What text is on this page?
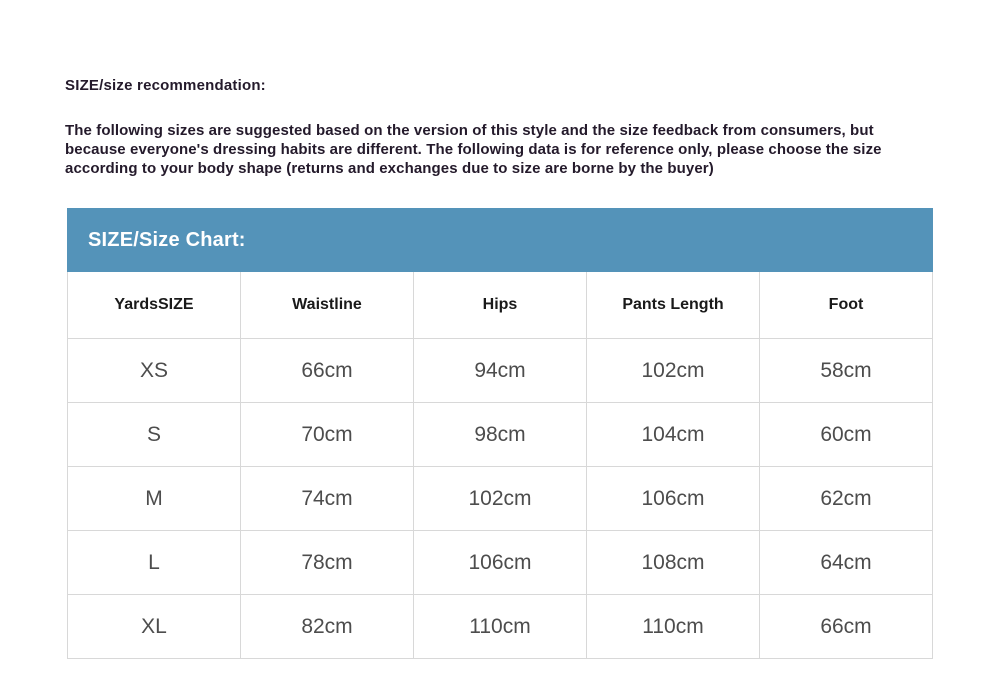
SIZE/size recommendation:

The following sizes are suggested based on the version of this style and the size feedback from consumers, but because everyone's dressing habits are different. The following data is for reference only, please choose the size according to your body shape (returns and exchanges due to size are borne by the buyer)

SIZE/Size Chart:
YardsSIZE	Waistline	Hips	Pants Length	Foot
XS	66cm	94cm	102cm	58cm
S	70cm	98cm	104cm	60cm
M	74cm	102cm	106cm	62cm
L	78cm	106cm	108cm	64cm
XL	82cm	110cm	110cm	66cm
